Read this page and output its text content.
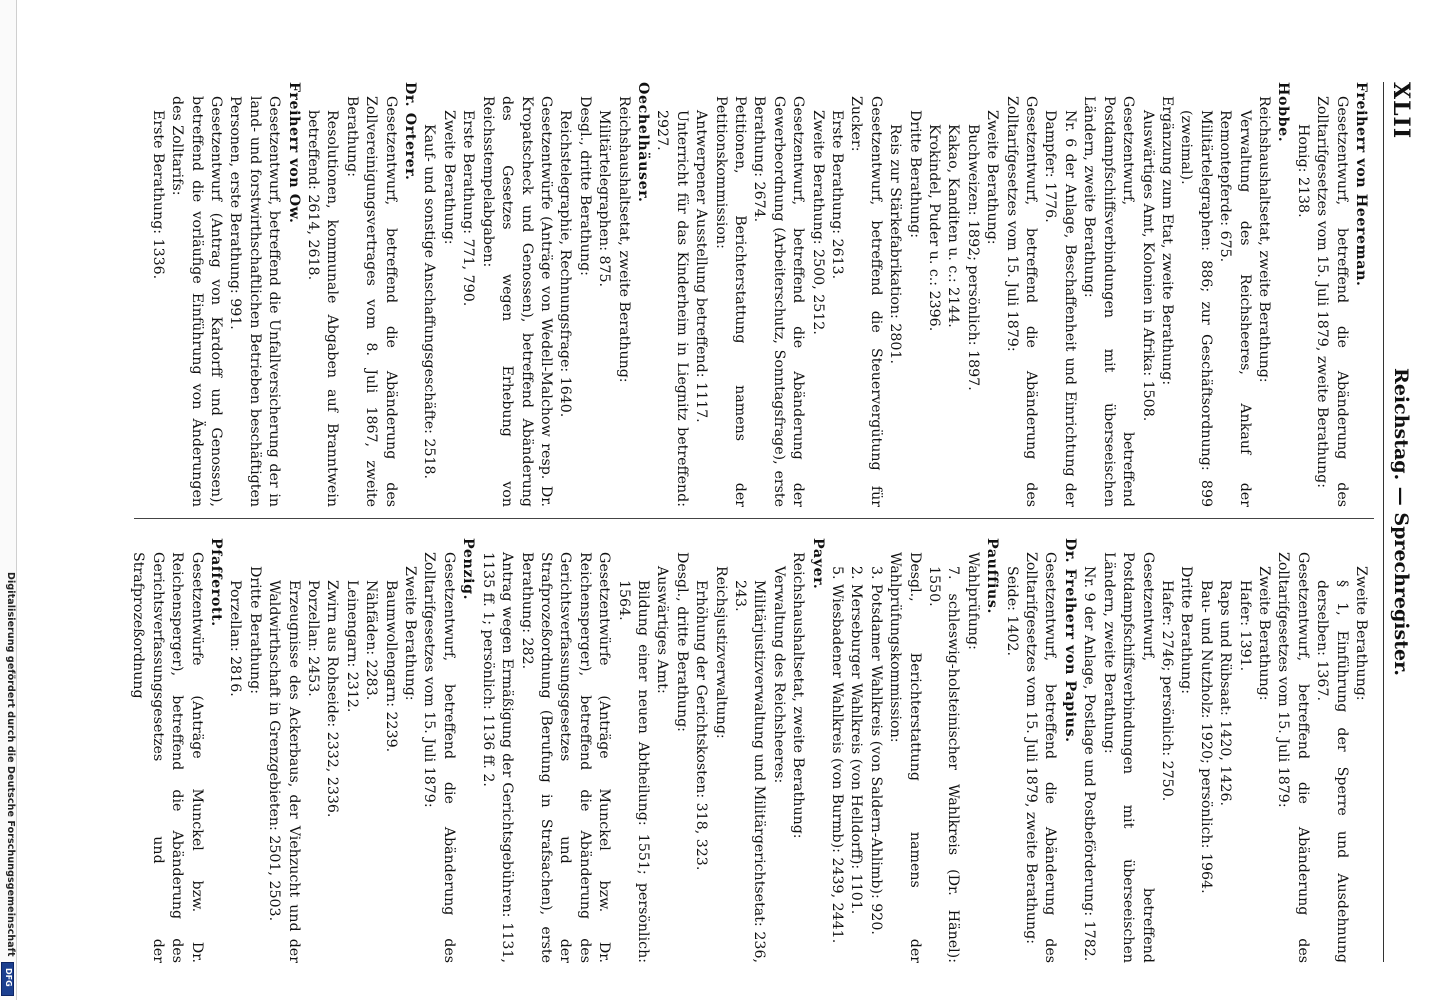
Digitalisierung gefördert durch die Deutsche Forschungsgemeinschaft
DFG
XLII
Reichstag. — Sprechregister.

Freiherr von Heereman.

Gesetzentwurf, betreffend die Abänderung des Zolltarifgesetzes vom 15. Juli 1879, zweite Berathung:

Honig: 2138.

Hobbe.

Reichshaushaltsetat, zweite Berathung:

Verwaltung des Reichsheeres, Ankauf der Remontepferde: 675.

Militärtelegraphen: 886; zur Geschäftsordnung: 899 (zweimal).

Ergänzung zum Etat, zweite Berathung:

Auswärtiges Amt, Kolonien in Afrika: 1508.

Gesetzentwurf, betreffend Postdampfschiffsverbindungen mit überseeischen Ländern, zweite Berathung:

Nr. 6 der Anlage, Beschaffenheit und Einrichtung der Dampfer: 1776.

Gesetzentwurf, betreffend die Abänderung des Zolltarifgesetzes vom 15. Juli 1879:

Zweite Berathung:

Buchweizen: 1892; persönlich: 1897.

Kakao, Kanditen u. c.: 2144.

Krokindel, Puder u. c.: 2396.

Dritte Berathung:

Reis zur Stärkefabrikation: 2801.

Gesetzentwurf, betreffend die Steuervergütung für Zucker:

Erste Berathung: 2613.

Zweite Berathung: 2500, 2512.

Gesetzentwurf, betreffend die Abänderung der Gewerbeordnung (Arbeiterschutz, Sonntagsfrage), erste Berathung: 2674.

Petitionen, Berichterstattung namens der Petitionskommission:

Antwerpener Ausstellung betreffend: 1117.

Unterricht für das Kinderheim in Liegnitz betreffend: 2927.

Oechelhäuser.

Reichshaushaltsetat, zweite Berathung:

Militärtelegraphen: 875.

Desgl., dritte Berathung:

Reichstelegraphie, Rechnungsfrage: 1640.

Gesetzentwürfe (Anträge von Wedell-Malchow resp. Dr. Kropatscheck und Genossen), betreffend Abänderung des Gesetzes wegen Erhebung von Reichsstempelabgaben:

Erste Berathung: 771, 790.

Zweite Berathung:

Kauf- und sonstige Anschaffungsgeschäfte: 2518.

Dr. Orterer.

Gesetzentwurf, betreffend die Abänderung des Zollvereinigungsvertrages vom 8. Juli 1867, zweite Berathung:

Resolutionen, kommunale Abgaben auf Branntwein betreffend: 2614, 2618.

Freiherr von Ow.

Gesetzentwurf, betreffend die Unfallversicherung der in land- und forstwirthschaftlichen Betrieben beschäftigten Personen, erste Berathung: 991.

Gesetzentwurf (Antrag von Kardorff und Genossen), betreffend die vorläufige Einführung von Änderungen des Zolltarifs:

Erste Berathung: 1336.

Zweite Berathung:

§ 1, Einführung der Sperre und Ausdehnung derselben: 1367.

Gesetzentwurf, betreffend die Abänderung des Zolltarifgesetzes vom 15. Juli 1879:

Zweite Berathung:

Hafer: 1391.

Raps und Rübsaat: 1420, 1426.

Bau- und Nutzholz: 1920; persönlich: 1964.

Dritte Berathung:

Hafer: 2746; persönlich: 2750.

Gesetzentwurf, betreffend Postdampfschiffsverbindungen mit überseeischen Ländern, zweite Berathung:

Nr. 9 der Anlage, Postlage und Postbeförderung: 1782.

Dr. Freiherr von Papius.

Gesetzentwurf, betreffend die Abänderung des Zolltarifgesetzes vom 15. Juli 1879, zweite Berathung:

Seide: 1402.

Pauffius.

Wahlprüfung:

7. schleswig-holsteinischer Wahlkreis (Dr. Hänel): 1550.

Desgl., Berichterstattung namens der Wahlprüfungskommission:

3. Potsdamer Wahlkreis (von Saldern-Ahlimb): 920.

2. Merseburger Wahlkreis (von Helldorff): 1101.

5. Wiesbadener Wahlkreis (von Burmb): 2439, 2441.

Payer.

Reichshaushaltsetat, zweite Berathung:

Verwaltung des Reichsheeres:

Militärjustizverwaltung und Militärgerichtsetat: 236, 243.

Reichsjustizverwaltung:

Erhöhung der Gerichtskosten: 318, 323.

Desgl., dritte Berathung:

Auswärtiges Amt:

Bildung einer neuen Abtheilung: 1551; persönlich: 1564.

Gesetzentwürfe (Anträge Munckel bzw. Dr. Reichensperger), betreffend die Abänderung des Gerichtsverfassungsgesetzes und der Strafprozeßordnung (Berufung in Strafsachen), erste Berathung: 282.

Antrag wegen Ermäßigung der Gerichtsgebühren: 1131, 1135 ff. 1; persönlich: 1136 ff. 2.

Penzig.

Gesetzentwurf, betreffend die Abänderung des Zolltarifgesetzes vom 15. Juli 1879:

Zweite Berathung:

Baumwollengarn: 2239.

Nähfäden: 2283.

Leinengarn: 2312.

Zwirn aus Rohseide: 2332, 2336.

Porzellan: 2453.

Erzeugnisse des Ackerbaus, der Viehzucht und der Waldwirthschaft in Grenzgebieten: 2501, 2503.

Dritte Berathung:

Porzellan: 2816.

Pfafferott.

Gesetzentwürfe (Anträge Munckel bzw. Dr. Reichensperger), betreffend die Abänderung des Gerichtsverfassungsgesetzes und der Strafprozeßordnung
